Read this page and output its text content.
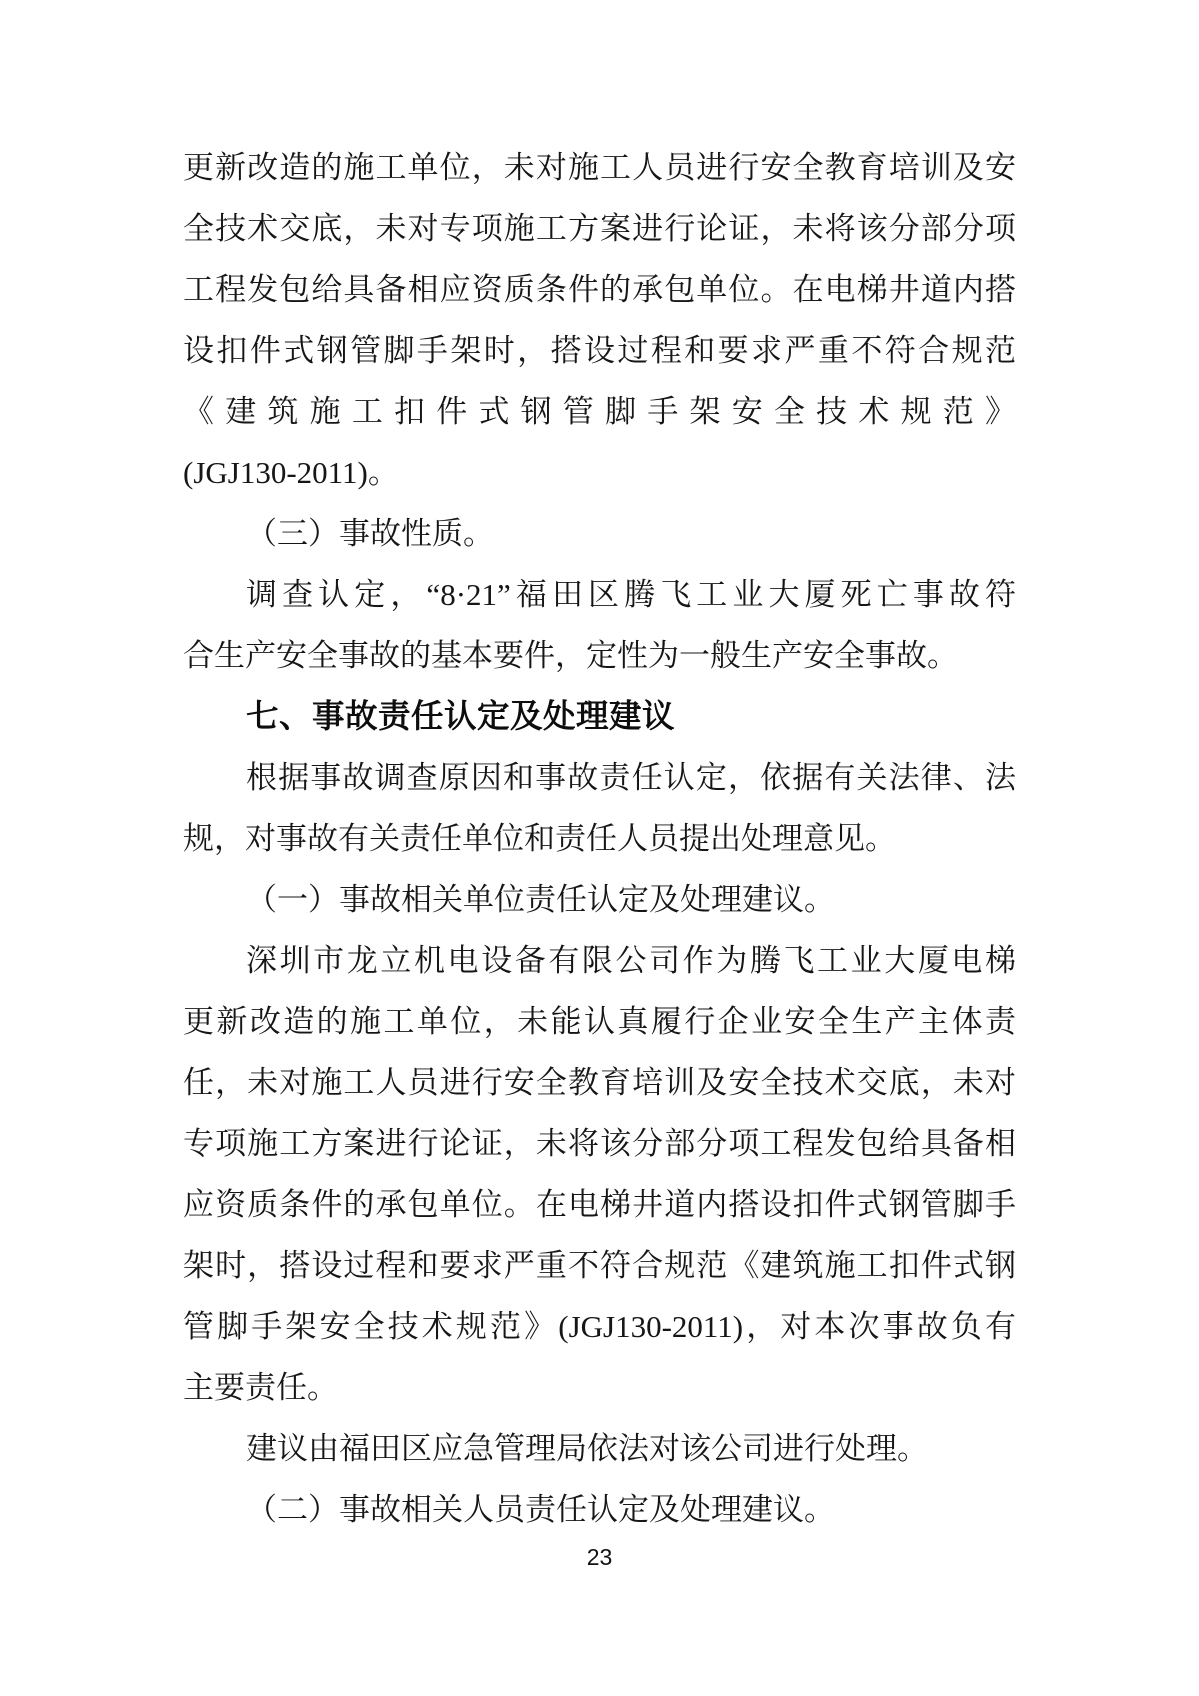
更新改造的施工单位，未对施工人员进行安全教育培训及安
全技术交底，未对专项施工方案进行论证，未将该分部分项
工程发包给具备相应资质条件的承包单位。在电梯井道内搭
设扣件式钢管脚手架时，搭设过程和要求严重不符合规范
《建筑施工扣件式钢管脚手架安全技术规范》
(JGJ130-2011)。
（三）事故性质。
调查认定，“8·21”福田区腾飞工业大厦死亡事故符
合生产安全事故的基本要件，定性为一般生产安全事故。
七、事故责任认定及处理建议
根据事故调查原因和事故责任认定，依据有关法律、法
规，对事故有关责任单位和责任人员提出处理意见。
（一）事故相关单位责任认定及处理建议。
深圳市龙立机电设备有限公司作为腾飞工业大厦电梯
更新改造的施工单位，未能认真履行企业安全生产主体责
任，未对施工人员进行安全教育培训及安全技术交底，未对
专项施工方案进行论证，未将该分部分项工程发包给具备相
应资质条件的承包单位。在电梯井道内搭设扣件式钢管脚手
架时，搭设过程和要求严重不符合规范《建筑施工扣件式钢
管脚手架安全技术规范》(JGJ130-2011)，对本次事故负有
主要责任。
建议由福田区应急管理局依法对该公司进行处理。
（二）事故相关人员责任认定及处理建议。
23
